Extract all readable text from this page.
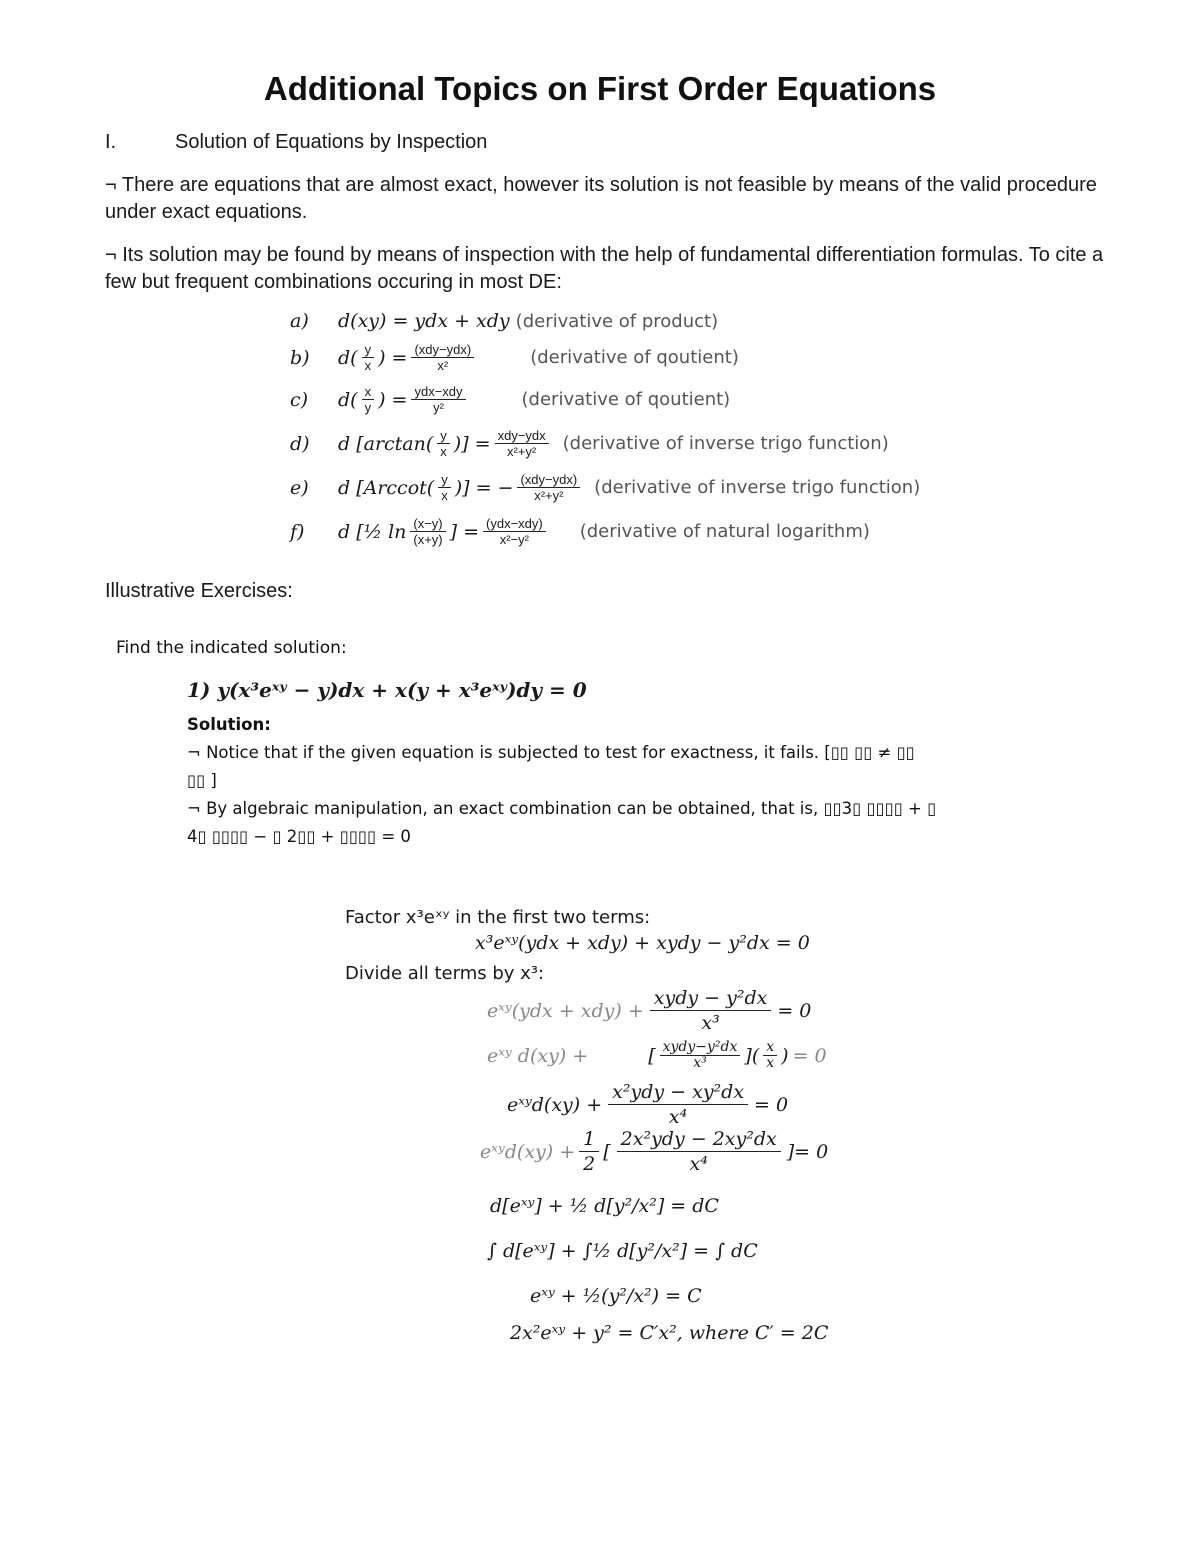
Additional Topics on First Order Equations
I.	Solution of Equations by Inspection
¬ There are equations that are almost exact, however its solution is not feasible by means of the valid procedure under exact equations.
¬ Its solution may be found by means of inspection with the help of fundamental differentiation formulas. To cite a few but frequent combinations occuring in most DE:
a)	d(xy) = ydx + xdy (derivative of product)
b)	d ( $\frac{y}{x}$ ) = $\frac{\text{(xdy−ydx)}}{\text{x²}}$	(derivative of qoutient)
c)	d ( $\frac{x}{y}$ ) = $\frac{\text{ydx−xdy}}{\text{y²}}$	(derivative of qoutient)
d)	d [arctan ( $\frac{y}{x}$ )] = $\frac{\text{xdy−ydx}}{\text{x²+y²}}$ (derivative of inverse trigo function)
e)	d [Arccot ( $\frac{y}{x}$ )] = − $\frac{\text{(xdy−ydx)}}{\text{x²+y²}}$ (derivative of inverse trigo function)
f)	d [½ $\ln \frac{(x-y)}{(x+y)}$ ] = $\frac{\text{(ydx−xdy)}}{\text{x²−y²}}$ (derivative of natural logarithm)
Illustrative Exercises:
Find the indicated solution:
1) y(x³eˣʸ − y)dx + x(y + x³eˣʸ)dy = 0
Solution:
¬ Notice that if the given equation is subjected to test for exactness, it fails. [▯▯ ▯▯ ≠ ▯▯
▯▯ ]
¬ By algebraic manipulation, an exact combination can be obtained, that is, ▯▯3▯ ▯▯▯▯ + ▯
4▯ ▯▯▯▯ − ▯ 2▯▯ + ▯▯▯▯ = 0
Factor x³eˣʸ in the first two terms:
x³eˣʸ(ydx + xdy) + xydy − y²dx = 0
Divide all terms by x³:
eˣʸ(ydx + xdy) +
xydy − y²dx
x³
= 0
eˣʸ d(xy) +	[ $\frac{\text{xydy−y²dx}}{\text{x³}}$ ] ( $\frac{x}{x}$ ) = 0
eˣʸd(xy) +
x²ydy − xy²dx
x⁴
= 0
eˣʸd(xy) + $\frac{1}{2}$ [
2x²ydy − 2xy²dx
x⁴
] = 0
d[eˣʸ] + ½ d[y²/x²] = dC
∫ d[eˣʸ] + ∫½ d[y²/x²] = ∫ dC
eˣʸ + ½(y²/x²) = C
2x²eˣʸ + y² = C′x², where C′ = 2C
